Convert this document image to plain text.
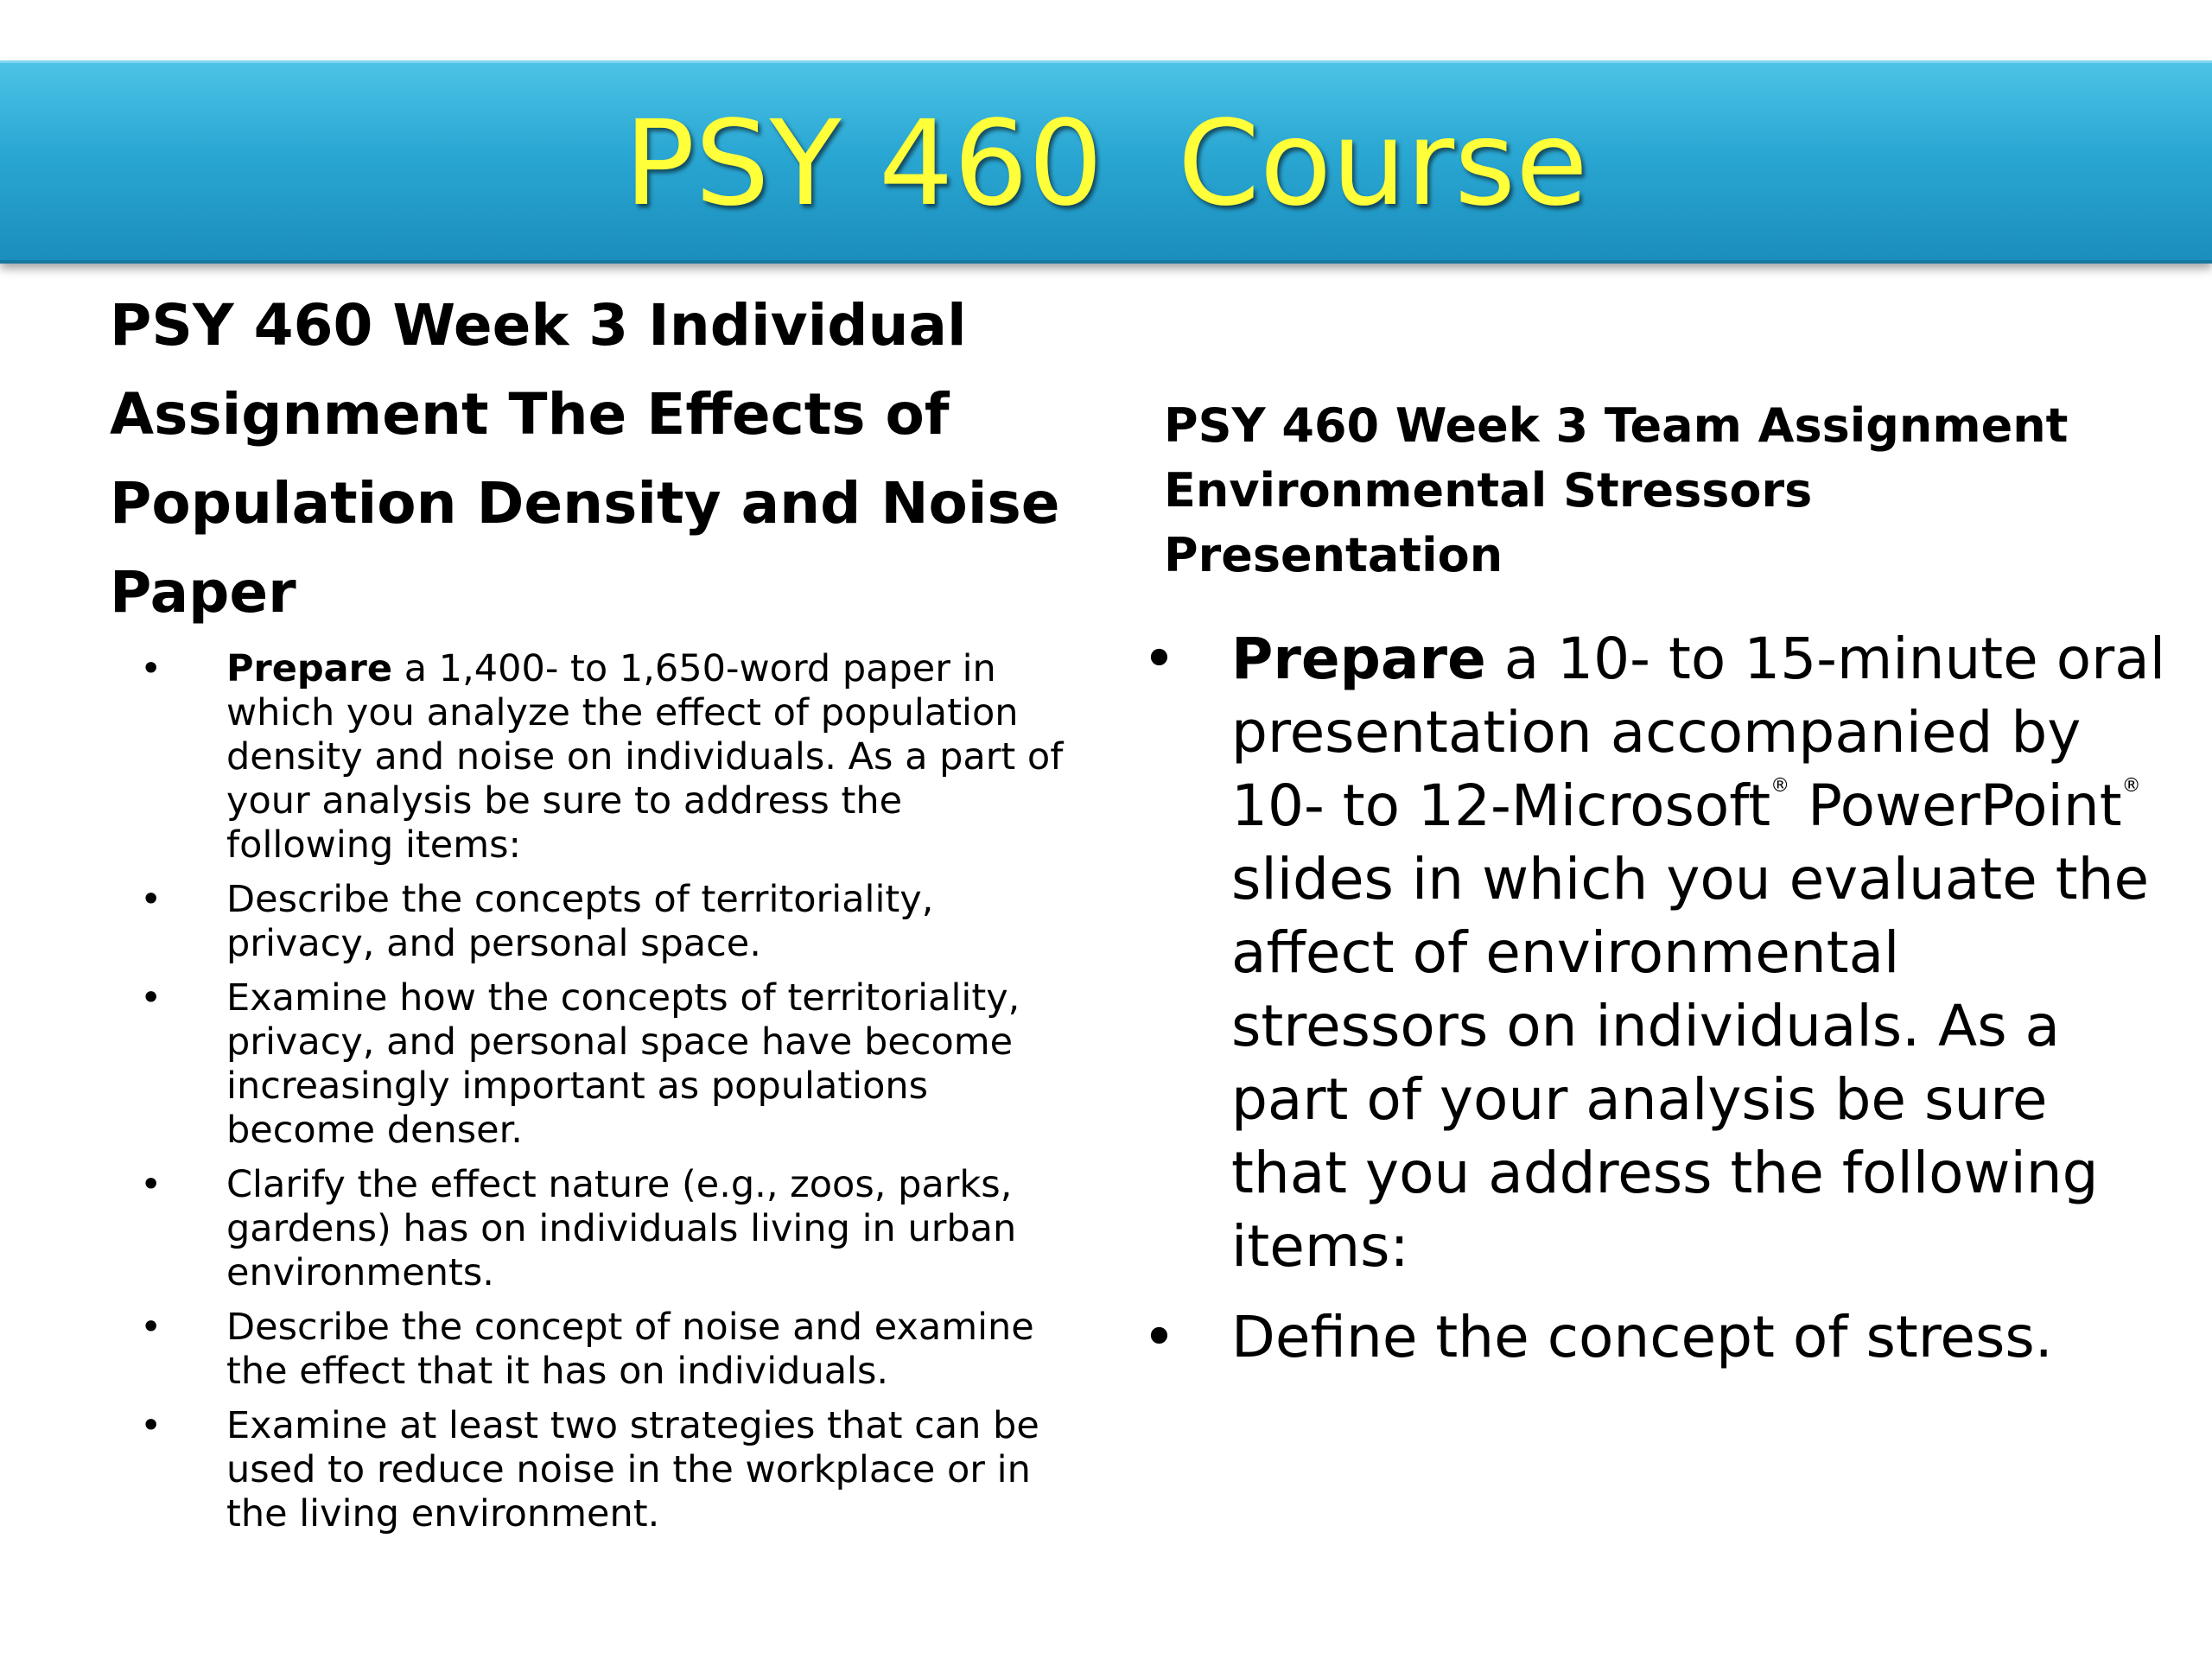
PSY 460  Course

PSY 460 Week 3 Individual Assignment The Effects of Population Density and Noise Paper

• Prepare a 1,400- to 1,650-word paper in which you analyze the effect of population density and noise on individuals. As a part of your analysis be sure to address the following items:
• Describe the concepts of territoriality, privacy, and personal space.
• Examine how the concepts of territoriality, privacy, and personal space have become increasingly important as populations become denser.
• Clarify the effect nature (e.g., zoos, parks, gardens) has on individuals living in urban environments.
• Describe the concept of noise and examine the effect that it has on individuals.
• Examine at least two strategies that can be used to reduce noise in the workplace or in the living environment.

PSY 460 Week 3 Team Assignment
Environmental Stressors Presentation

• Prepare a 10- to 15-minute oral presentation accompanied by 10- to 12-Microsoft® PowerPoint® slides in which you evaluate the affect of environmental stressors on individuals. As a part of your analysis be sure that you address the following items:
• Define the concept of stress.
